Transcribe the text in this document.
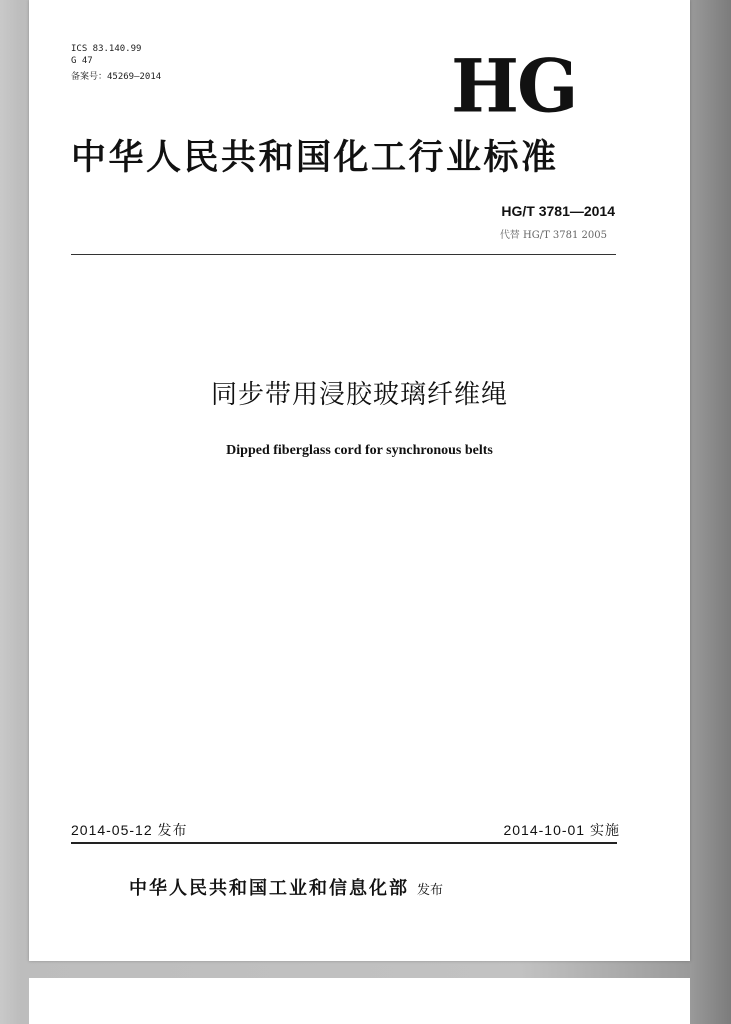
ICS 83.140.99
G 47
备案号：45269—2014	HG
中华人民共和国化工行业标准
HG/T 3781—2014
代替 HG/T 3781 2005
同步带用浸胶玻璃纤维绳
Dipped fiberglass cord for synchronous belts
2014-05-12 发布	2014-10-01 实施
中华人民共和国工业和信息化部 发布
